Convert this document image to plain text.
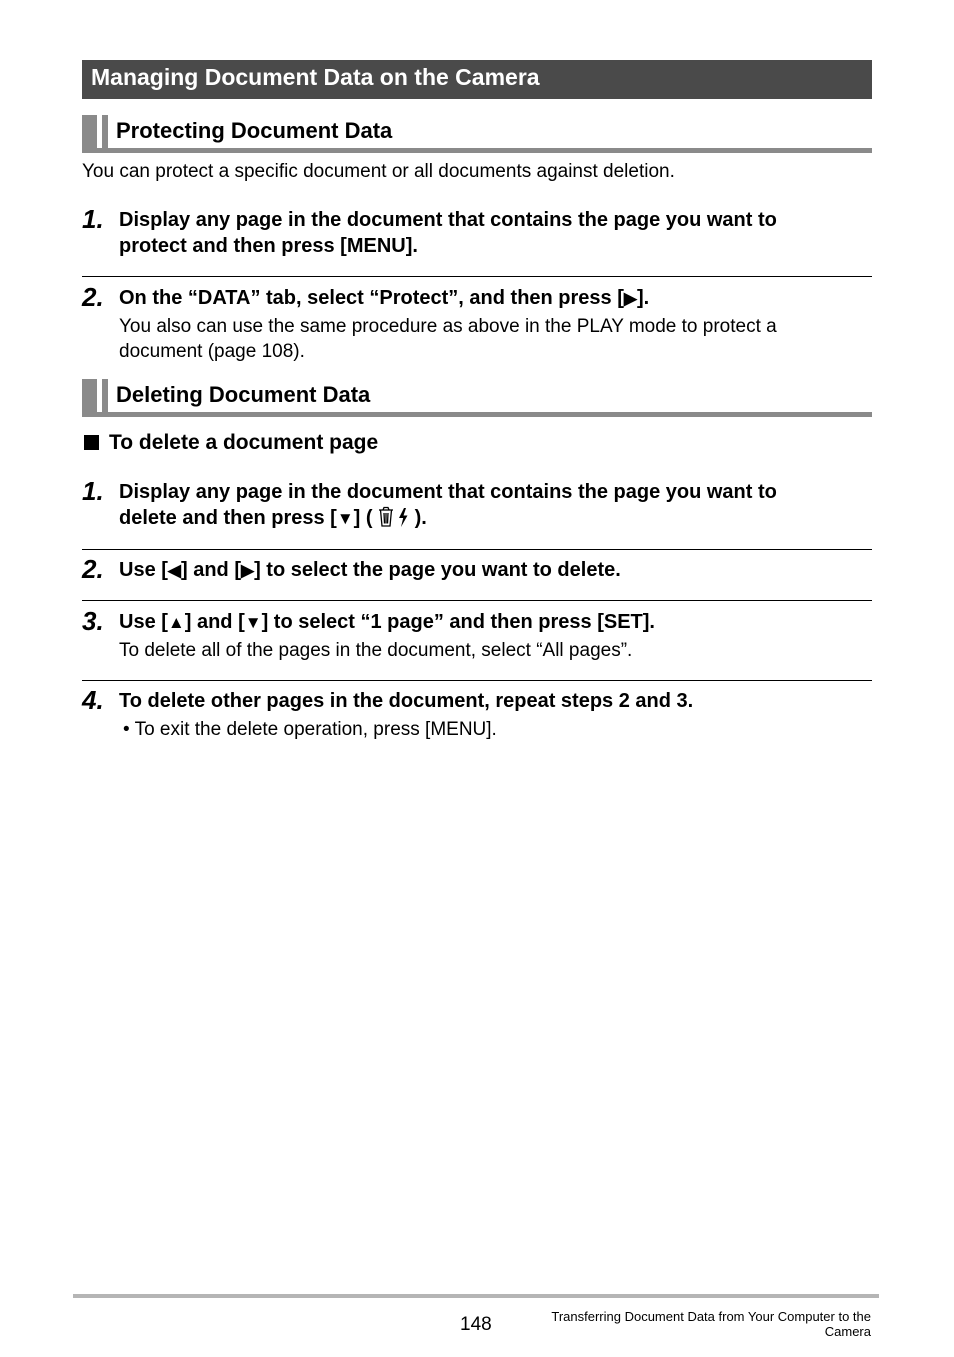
Managing Document Data on the Camera
Protecting Document Data
You can protect a specific document or all documents against deletion.
1. Display any page in the document that contains the page you want to
protect and then press [MENU].
2. On the “DATA” tab, select “Protect”, and then press [▶].
You also can use the same procedure as above in the PLAY mode to protect a
document (page 108).
Deleting Document Data
To delete a document page
1. Display any page in the document that contains the page you want to
delete and then press [▼] ( ).
2. Use [◀] and [▶] to select the page you want to delete.
3. Use [▲] and [▼] to select “1 page” and then press [SET].
To delete all of the pages in the document, select “All pages”.
4. To delete other pages in the document, repeat steps 2 and 3.
• To exit the delete operation, press [MENU].
148	Transferring Document Data from Your Computer to the
Camera
